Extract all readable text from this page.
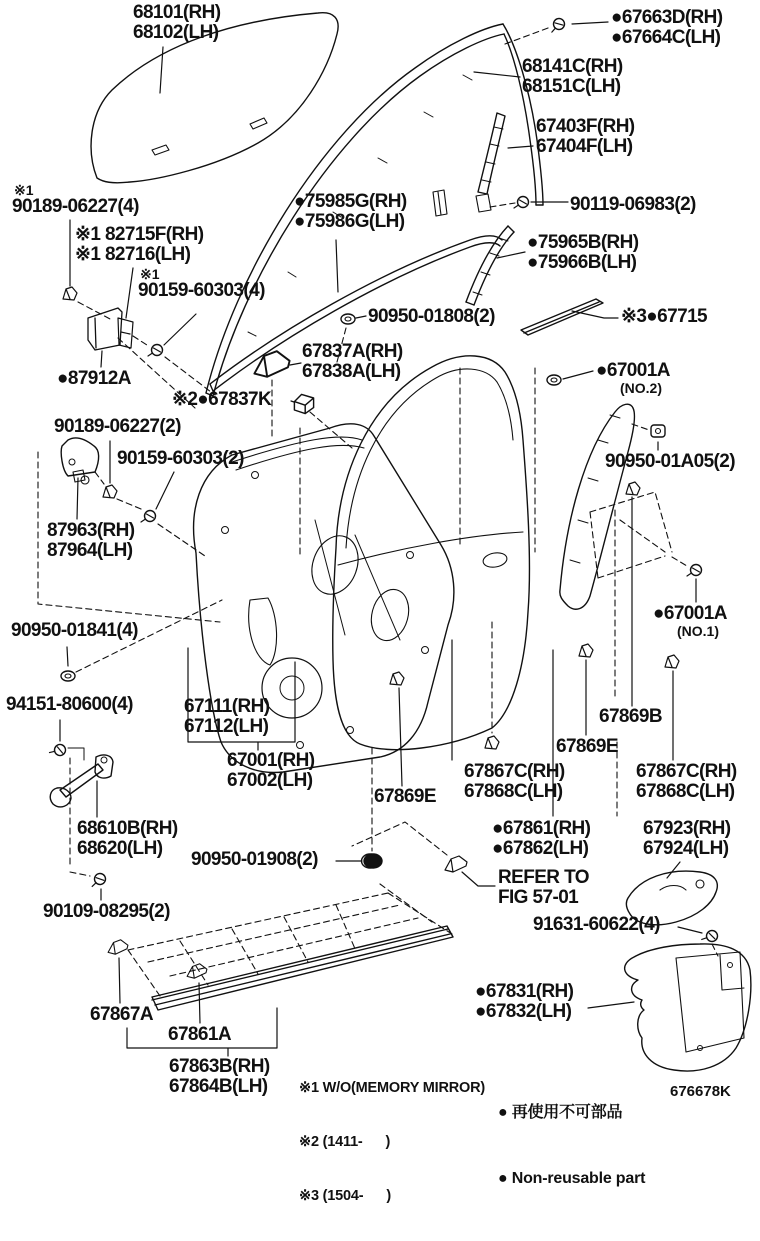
68101(RH)
68102(LH)
●67663D(RH)
●67664C(LH)
68141C(RH)
68151C(LH)
67403F(RH)
67404F(LH)
※1
90189-06227(4)
※1 82715F(RH)
※1 82716(LH)
●75985G(RH)
●75986G(LH)
90119-06983(2)
※1
90159-60303(4)
●75965B(RH)
●75966B(LH)
90950-01808(2)	※3●67715
67837A(RH)
67838A(LH)	●67001A
(NO.2)
●87912A
※2●67837K
90189-06227(2)
90159-60303(2)	90950-01A05(2)
87963(RH)
87964(LH)
●67001A
(NO.1)
90950-01841(4)
94151-80600(4)	67111(RH)
67112(LH)	67869B
67869E
67001(RH)
67002(LH)	67867C(RH)
67868C(LH)
67867C(RH)
67868C(LH)
67869E
68610B(RH)
68620(LH)
90950-01908(2)
●67861(RH)
●67862(LH)
67923(RH)
67924(LH)
REFER TO
FIG 57-01
91631-60622(4)
90109-08295(2)
67867A
67861A
●67831(RH)
●67832(LH)
67863B(RH)
67864B(LH)

※1 W/O(MEMORY MIRROR)

※2 (1411-      )

※3 (1504-      )

● 再使用不可部品

● Non-reusable part

676678K
